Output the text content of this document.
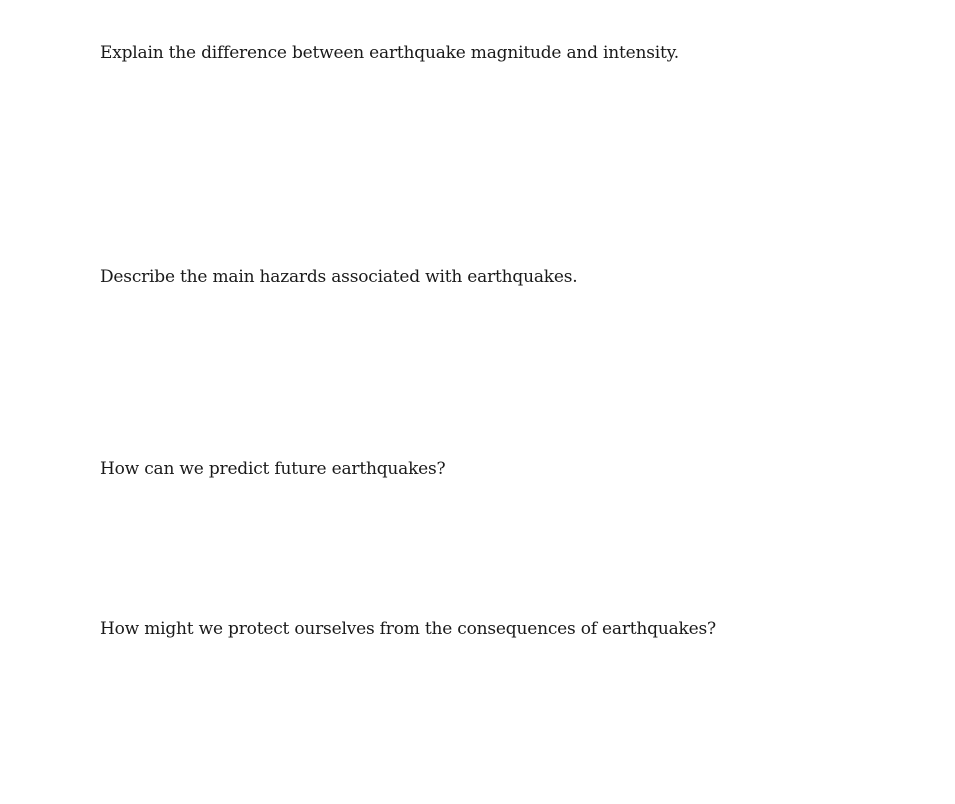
Explain the difference between earthquake magnitude and intensity.

Describe the main hazards associated with earthquakes.

How can we predict future earthquakes?

How might we protect ourselves from the consequences of earthquakes?
